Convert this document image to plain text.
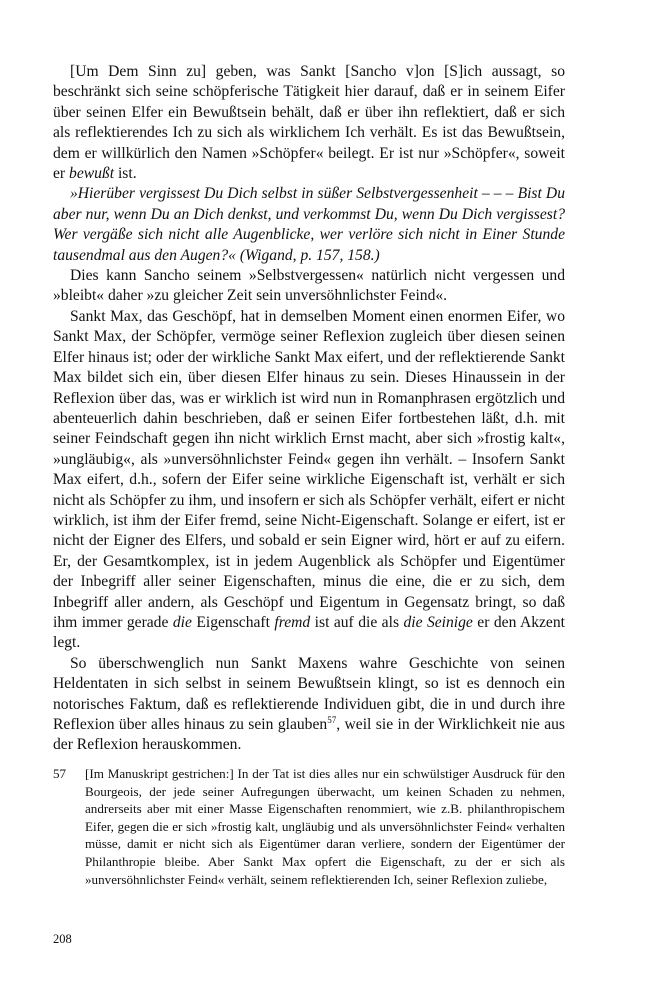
[Um Dem Sinn zu] geben, was Sankt [Sancho v]on [S]ich aussagt, so beschränkt sich seine schöpferische Tätigkeit hier darauf, daß er in seinem Eifer über seinen Elfer ein Bewußtsein behält, daß er über ihn reflektiert, daß er sich als reflektierendes Ich zu sich als wirklichem Ich verhält. Es ist das Bewußtsein, dem er willkürlich den Namen »Schöpfer« beilegt. Er ist nur »Schöpfer«, soweit er bewußt ist.

»Hierüber vergissest Du Dich selbst in süßer Selbstvergessenheit – – – Bist Du aber nur, wenn Du an Dich denkst, und verkommst Du, wenn Du Dich vergissest? Wer vergäße sich nicht alle Augenblicke, wer verlöre sich nicht in Einer Stunde tausendmal aus den Augen?« (Wigand, p. 157, 158.)

Dies kann Sancho seinem »Selbstvergessen« natürlich nicht vergessen und »bleibt« daher »zu gleicher Zeit sein unversöhnlichster Feind«.

Sankt Max, das Geschöpf, hat in demselben Moment einen enormen Eifer, wo Sankt Max, der Schöpfer, vermöge seiner Reflexion zugleich über diesen seinen Elfer hinaus ist; oder der wirkliche Sankt Max eifert, und der reflektierende Sankt Max bildet sich ein, über diesen Elfer hinaus zu sein. Dieses Hinaussein in der Reflexion über das, was er wirklich ist wird nun in Romanphrasen ergötzlich und abenteuerlich dahin beschrieben, daß er seinen Eifer fortbestehen läßt, d.h. mit seiner Feindschaft gegen ihn nicht wirklich Ernst macht, aber sich »frostig kalt«, »ungläubig«, als »unversöhnlichster Feind« gegen ihn verhält. – Insofern Sankt Max eifert, d.h., sofern der Eifer seine wirkliche Eigenschaft ist, verhält er sich nicht als Schöpfer zu ihm, und insofern er sich als Schöpfer verhält, eifert er nicht wirklich, ist ihm der Eifer fremd, seine Nicht-Eigenschaft. Solange er eifert, ist er nicht der Eigner des Elfers, und sobald er sein Eigner wird, hört er auf zu eifern. Er, der Gesamtkomplex, ist in jedem Augenblick als Schöpfer und Eigentümer der Inbegriff aller seiner Eigenschaften, minus die eine, die er zu sich, dem Inbegriff aller andern, als Geschöpf und Eigentum in Gegensatz bringt, so daß ihm immer gerade die Eigenschaft fremd ist auf die als die Seinige er den Akzent legt.

So überschwenglich nun Sankt Maxens wahre Geschichte von seinen Heldentaten in sich selbst in seinem Bewußtsein klingt, so ist es dennoch ein notorisches Faktum, daß es reflektierende Individuen gibt, die in und durch ihre Reflexion über alles hinaus zu sein glauben$^{57}$, weil sie in der Wirklichkeit nie aus der Reflexion herauskommen.

57	[Im Manuskript gestrichen:] In der Tat ist dies alles nur ein schwülstiger Ausdruck für den Bourgeois, der jede seiner Aufregungen überwacht, um keinen Schaden zu nehmen, andrerseits aber mit einer Masse Eigenschaften renommiert, wie z.B. philanthropischem Eifer, gegen die er sich »frostig kalt, ungläubig und als unversöhnlichster Feind« verhalten müsse, damit er nicht sich als Eigentümer daran verliere, sondern der Eigentümer der Philanthropie bleibe. Aber Sankt Max opfert die Eigenschaft, zu der er sich als »unversöhnlichster Feind« verhält, seinem reflektierenden Ich, seiner Reflexion zuliebe,
208
